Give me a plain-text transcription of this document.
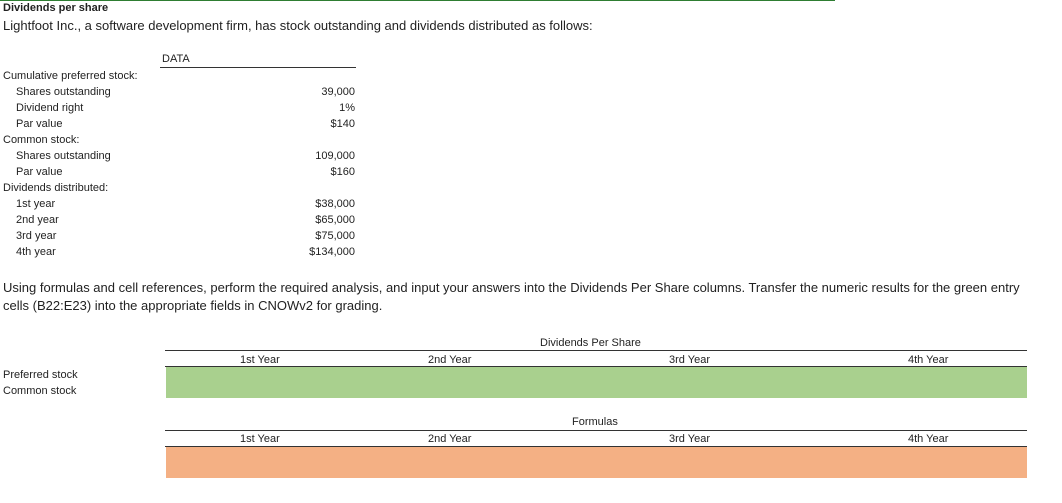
Dividends per share
Lightfoot Inc., a software development firm, has stock outstanding and dividends distributed as follows:
DATA
Cumulative preferred stock:
Shares outstanding	39,000
Dividend right	1%
Par value	$140
Common stock:
Shares outstanding	109,000
Par value	$160
Dividends distributed:
1st year	$38,000
2nd year	$65,000
3rd year	$75,000
4th year	$134,000
Using formulas and cell references, perform the required analysis, and input your answers into the Dividends Per Share columns. Transfer the numeric results for the green entry cells (B22:E23) into the appropriate fields in CNOWv2 for grading.
Dividends Per Share
1st Year	2nd Year	3rd Year	4th Year
Preferred stock
Common stock
Formulas
1st Year	2nd Year	3rd Year	4th Year
